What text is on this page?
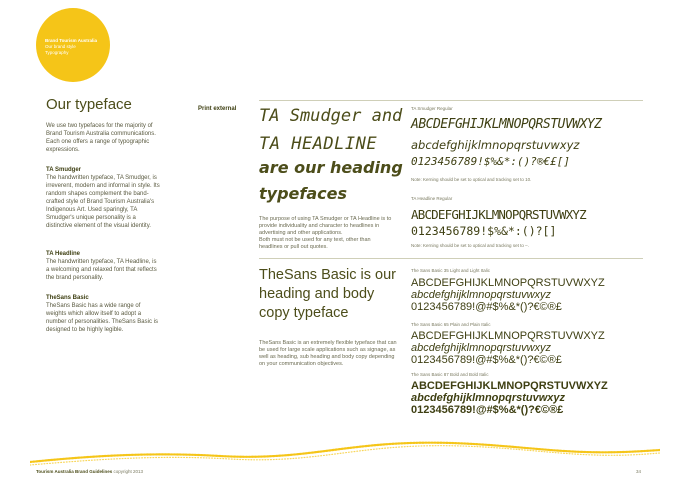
Brand Tourism Australia
Our brand style
Typography
Our typeface
We use two typefaces for the majority of Brand Tourism Australia communications. Each one offers a range of typographic expressions.
TA Smudger
The handwritten typeface, TA Smudger, is irreverent, modern and informal in style. Its random shapes complement the band-crafted style of Brand Tourism Australia's Indigenous Art. Used sparingly, TA Smudger's unique personality is a distinctive element of the visual identity.
TA Headline
The handwritten typeface, TA Headline, is a welcoming and relaxed font that reflects the brand personality.
TheSans Basic
TheSans Basic has a wide range of weights which allow itself to adopt a number of personalities. TheSans Basic is designed to be highly legible.
Print external TA Smudger and
TA HEADLINE
are our heading
typefaces
The purpose of using TA Smudger or TA Headline is to provide individuality and character to headlines in advertising and other applications.
Both must not be used for any text, other than headlines or pull out quotes.
TheSans Basic is our heading and body copy typeface
TheSans Basic is an extremely flexible typeface that can be used for large scale applications such as signage, as well as heading, sub heading and body copy depending on your communication objectives.
TA Smudger Regular
ABCDEFGHIJKLMNOPQRSTUVWXYZ
abcdefghijklmnopqrstuvwxyz
0123456789!$%&*:()?®€£[]
Note: Kerning should be set to optical and tracking set to 10.
TA Headline Regular
ABCDEFGHIJKLMNOPQRSTUVWXYZ
0123456789!$%&*:()?[]
Note: Kerning should be set to optical and tracking set to –.
The Sans Basic 35 Light and Light Italic
ABCDEFGHIJKLMNOPQRSTUVWXYZ
abcdefghijklmnopqrstuvwxyz
0123456789!@#$%&*()?€©®£
The Sans Basic 65 Plain and Plain Italic
ABCDEFGHIJKLMNOPQRSTUVWXYZ
abcdefghijklmnopqrstuvwxyz
0123456789!@#$%&*()?€©®£
The Sans Basic 87 Bold and Bold Italic
ABCDEFGHIJKLMNOPQRSTUVWXYZ
abcdefghijklmnopqrstuvwxyz
0123456789!@#$%&*()?€©®£
Tourism Australia Brand Guidelines copyright 2013	34
